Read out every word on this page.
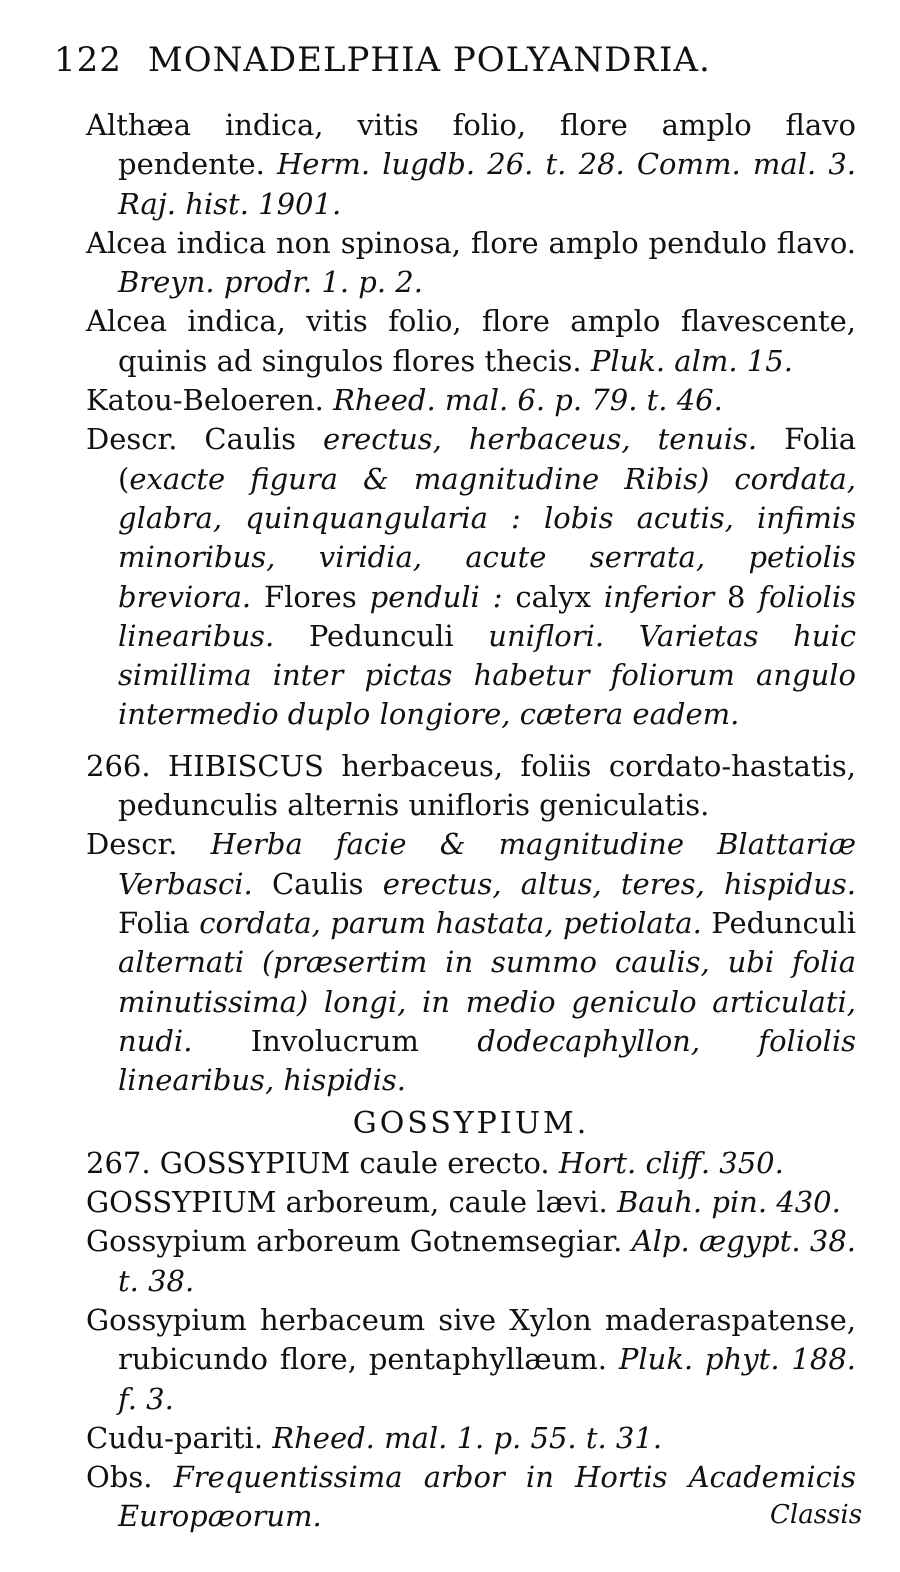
122 MONADELPHIA POLYANDRIA.
Althæa indica, vitis folio, flore amplo flavo pendente. Herm. lugdb. 26. t. 28. Comm. mal. 3. Raj. hist. 1901.
Alcea indica non spinosa, flore amplo pendulo flavo. Breyn. prodr. 1. p. 2.
Alcea indica, vitis folio, flore amplo flavescente, quinis ad singulos flores thecis. Pluk. alm. 15.
Katou-Beloeren. Rheed. mal. 6. p. 79. t. 46.
Descr. Caulis erectus, herbaceus, tenuis. Folia (exacte figura & magnitudine Ribis) cordata, glabra, quinquangularia : lobis acutis, infimis minoribus, viridia, acute serrata, petiolis breviora. Flores penduli : calyx inferior 8 foliolis linearibus. Pedunculi uniflori. Varietas huic simillima inter pictas habetur foliorum angulo intermedio duplo longiore, cætera eadem.
266. HIBISCUS herbaceus, foliis cordato-hastatis, pedunculis alternis unifloris geniculatis.
Descr. Herba facie & magnitudine Blattariæ Verbasci. Caulis erectus, altus, teres, hispidus. Folia cordata, parum hastata, petiolata. Pedunculi alternati (præsertim in summo caulis, ubi folia minutissima) longi, in medio geniculo articulati, nudi. Involucrum dodecaphyllon, foliolis linearibus, hispidis.
GOSSYPIUM.
267. GOSSYPIUM caule erecto. Hort. cliff. 350.
GOSSYPIUM arboreum, caule lævi. Bauh. pin. 430.
Gossypium arboreum Gotnemsegiar. Alp. ægypt. 38. t. 38.
Gossypium herbaceum sive Xylon maderaspatense, rubicundo flore, pentaphyllæum. Pluk. phyt. 188. f. 3.
Cudu-pariti. Rheed. mal. 1. p. 55. t. 31.
Obs. Frequentissima arbor in Hortis Academicis Europæorum.	Classis
